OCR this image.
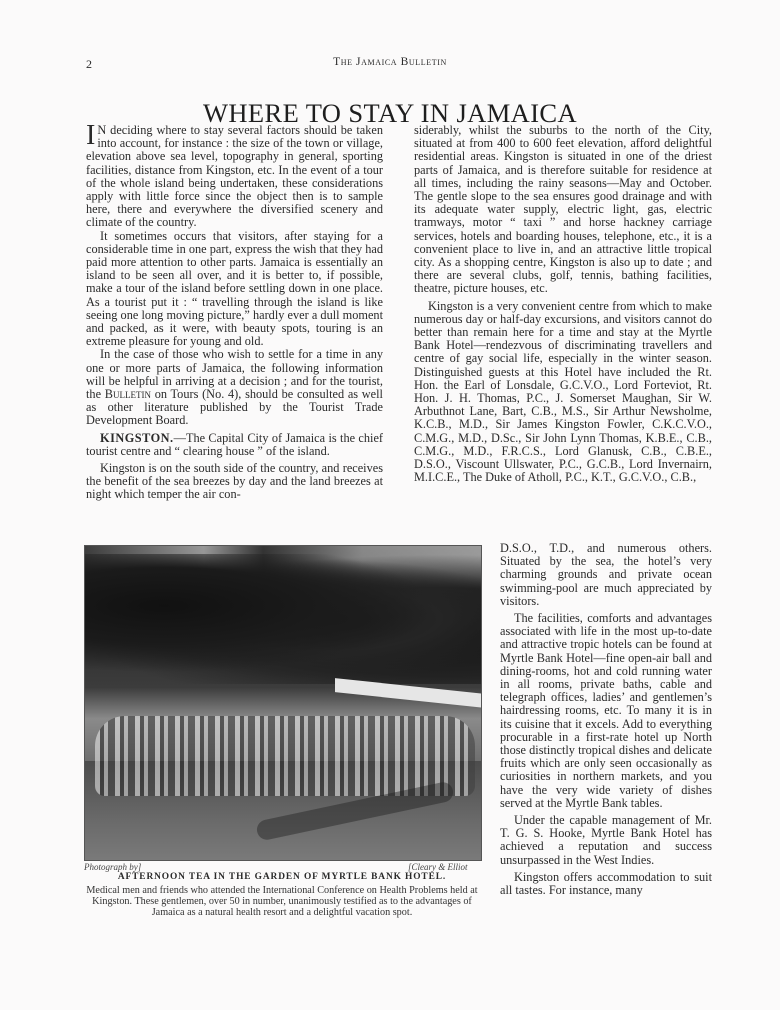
2	The Jamaica Bulletin
WHERE TO STAY IN JAMAICA

I N deciding where to stay several factors should be taken into account, for instance : the size of the town or village, elevation above sea level, topography in general, sporting facilities, distance from Kingston, etc. In the event of a tour of the whole island being undertaken, these considerations apply with little force since the object then is to sample here, there and everywhere the diversified scenery and climate of the country.

It sometimes occurs that visitors, after staying for a considerable time in one part, express the wish that they had paid more attention to other parts. Jamaica is essentially an island to be seen all over, and it is better to, if possible, make a tour of the island before settling down in one place. As a tourist put it : “ travelling through the island is like seeing one long moving picture,” hardly ever a dull moment and packed, as it were, with beauty spots, touring is an extreme pleasure for young and old.

In the case of those who wish to settle for a time in any one or more parts of Jamaica, the following information will be helpful in arriving at a decision ; and for the tourist, the Bulletin on Tours (No. 4), should be consulted as well as other literature published by the Tourist Trade Development Board.

KINGSTON.—The Capital City of Jamaica is the chief tourist centre and “ clearing house ” of the island.

Kingston is on the south side of the country, and receives the benefit of the sea breezes by day and the land breezes at night which temper the air con-

siderably, whilst the suburbs to the north of the City, situated at from 400 to 600 feet elevation, afford delightful residential areas. Kingston is situated in one of the driest parts of Jamaica, and is therefore suitable for residence at all times, including the rainy seasons—May and October. The gentle slope to the sea ensures good drainage and with its adequate water supply, electric light, gas, electric tramways, motor “ taxi ” and horse hackney carriage services, hotels and boarding houses, telephone, etc., it is a convenient place to live in, and an attractive little tropical city. As a shopping centre, Kingston is also up to date ; and there are several clubs, golf, tennis, bathing facilities, theatre, picture houses, etc.

Kingston is a very convenient centre from which to make numerous day or half-day excursions, and visitors cannot do better than remain here for a time and stay at the Myrtle Bank Hotel—rendezvous of discriminating travellers and centre of gay social life, especially in the winter season. Distinguished guests at this Hotel have included the Rt. Hon. the Earl of Lonsdale, G.C.V.O., Lord Forteviot, Rt. Hon. J. H. Thomas, P.C., J. Somerset Maughan, Sir W. Arbuthnot Lane, Bart, C.B., M.S., Sir Arthur Newsholme, K.C.B., M.D., Sir James Kingston Fowler, C.K.C.V.O., C.M.G., M.D., D.Sc., Sir John Lynn Thomas, K.B.E., C.B., C.M.G., M.D., F.R.C.S., Lord Glanusk, C.B., C.B.E., D.S.O., Viscount Ullswater, P.C., G.C.B., Lord Invernairn, M.I.C.E., The Duke of Atholl, P.C., K.T., G.C.V.O., C.B.,

D.S.O., T.D., and numerous others. Situated by the sea, the hotel’s very charming grounds and private ocean swimming-pool are much appreciated by visitors.

The facilities, comforts and advantages associated with life in the most up-to-date and attractive tropic hotels can be found at Myrtle Bank Hotel—fine open-air ball and dining-rooms, hot and cold running water in all rooms, private baths, cable and telegraph offices, ladies’ and gentlemen’s hairdressing rooms, etc. To many it is in its cuisine that it excels. Add to everything procurable in a first-rate hotel up North those distinctly tropical dishes and delicate fruits which are only seen occasionally as curiosities in northern markets, and you have the very wide variety of dishes served at the Myrtle Bank tables.

Under the capable management of Mr. T. G. S. Hooke, Myrtle Bank Hotel has achieved a reputation and success unsurpassed in the West Indies.

Kingston offers accommodation to suit all tastes. For instance, many

Photograph by]	[Cleary & Elliot
AFTERNOON TEA IN THE GARDEN OF MYRTLE BANK HOTEL.
Medical men and friends who attended the International Conference on Health Problems held at Kingston. These gentlemen, over 50 in number, unanimously testified as to the advantages of Jamaica as a natural health resort and a delightful vacation spot.
